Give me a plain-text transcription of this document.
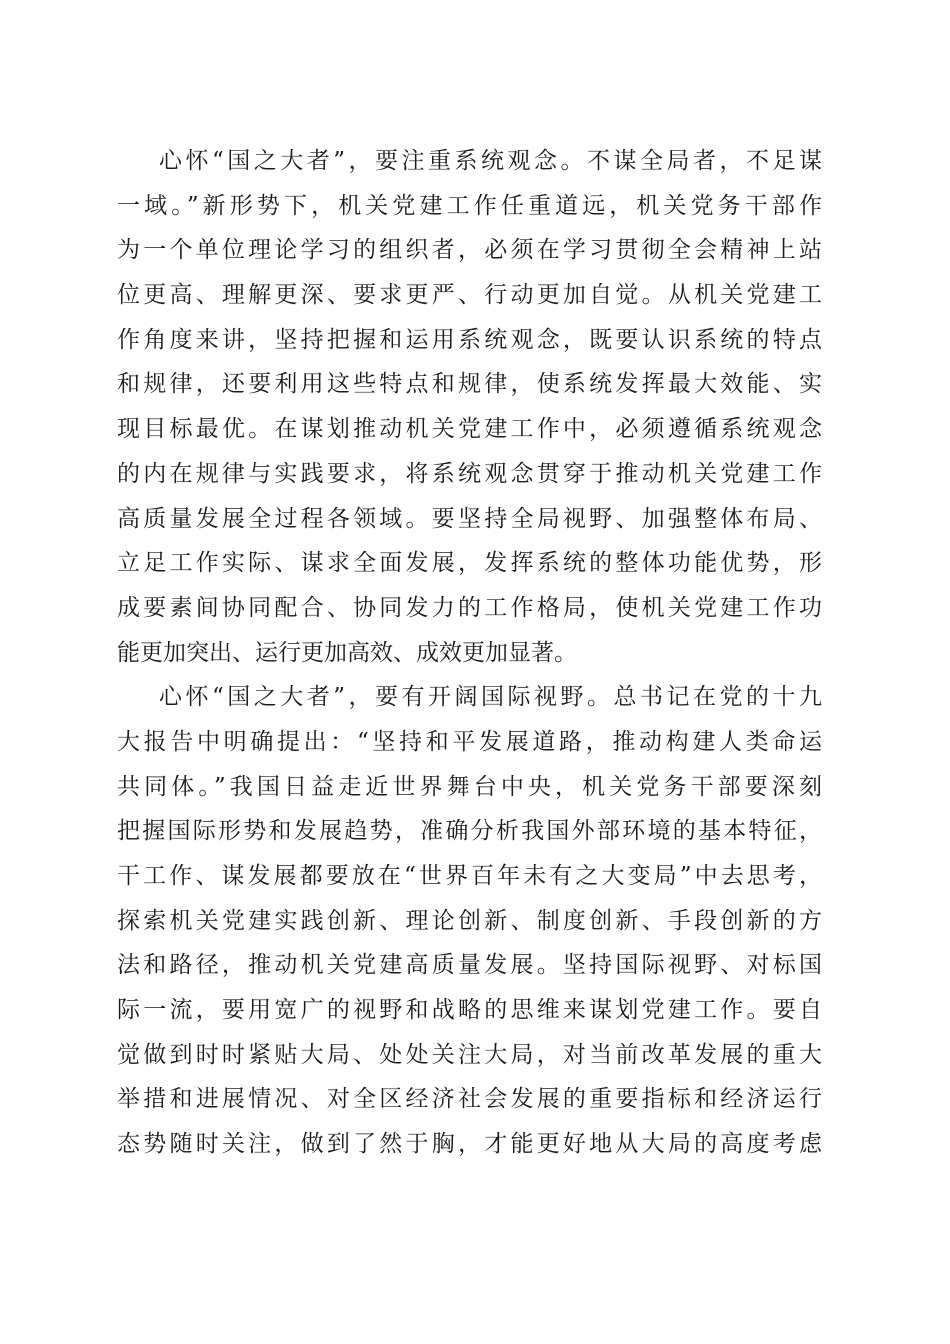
心怀“国之大者”，要注重系统观念。不谋全局者，不足谋
一域。”新形势下，机关党建工作任重道远，机关党务干部作
为一个单位理论学习的组织者，必须在学习贯彻全会精神上站
位更高、理解更深、要求更严、行动更加自觉。从机关党建工
作角度来讲，坚持把握和运用系统观念，既要认识系统的特点
和规律，还要利用这些特点和规律，使系统发挥最大效能、实
现目标最优。在谋划推动机关党建工作中，必须遵循系统观念
的内在规律与实践要求，将系统观念贯穿于推动机关党建工作
高质量发展全过程各领域。要坚持全局视野、加强整体布局、
立足工作实际、谋求全面发展，发挥系统的整体功能优势，形
成要素间协同配合、协同发力的工作格局，使机关党建工作功
能更加突出、运行更加高效、成效更加显著。
心怀“国之大者”，要有开阔国际视野。总书记在党的十九
大报告中明确提出：“坚持和平发展道路，推动构建人类命运
共同体。”我国日益走近世界舞台中央，机关党务干部要深刻
把握国际形势和发展趋势，准确分析我国外部环境的基本特征，
干工作、谋发展都要放在“世界百年未有之大变局”中去思考，
探索机关党建实践创新、理论创新、制度创新、手段创新的方
法和路径，推动机关党建高质量发展。坚持国际视野、对标国
际一流，要用宽广的视野和战略的思维来谋划党建工作。要自
觉做到时时紧贴大局、处处关注大局，对当前改革发展的重大
举措和进展情况、对全区经济社会发展的重要指标和经济运行
态势随时关注，做到了然于胸，才能更好地从大局的高度考虑
